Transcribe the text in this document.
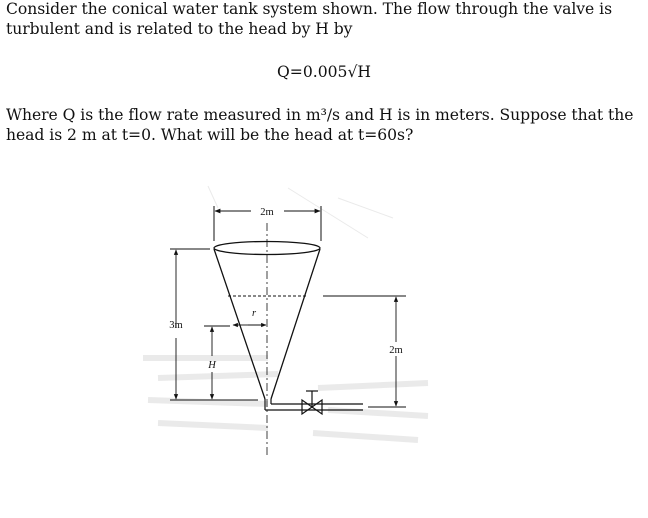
Consider the conical water tank system shown. The flow through the valve is turbulent and is related to the head by H by

Q=0.005√H

Where Q is the flow rate measured in m³/s and H is in meters. Suppose that the head is 2 m at t=0. What will be the head at t=60s?

2m
r
3m
H
2m
